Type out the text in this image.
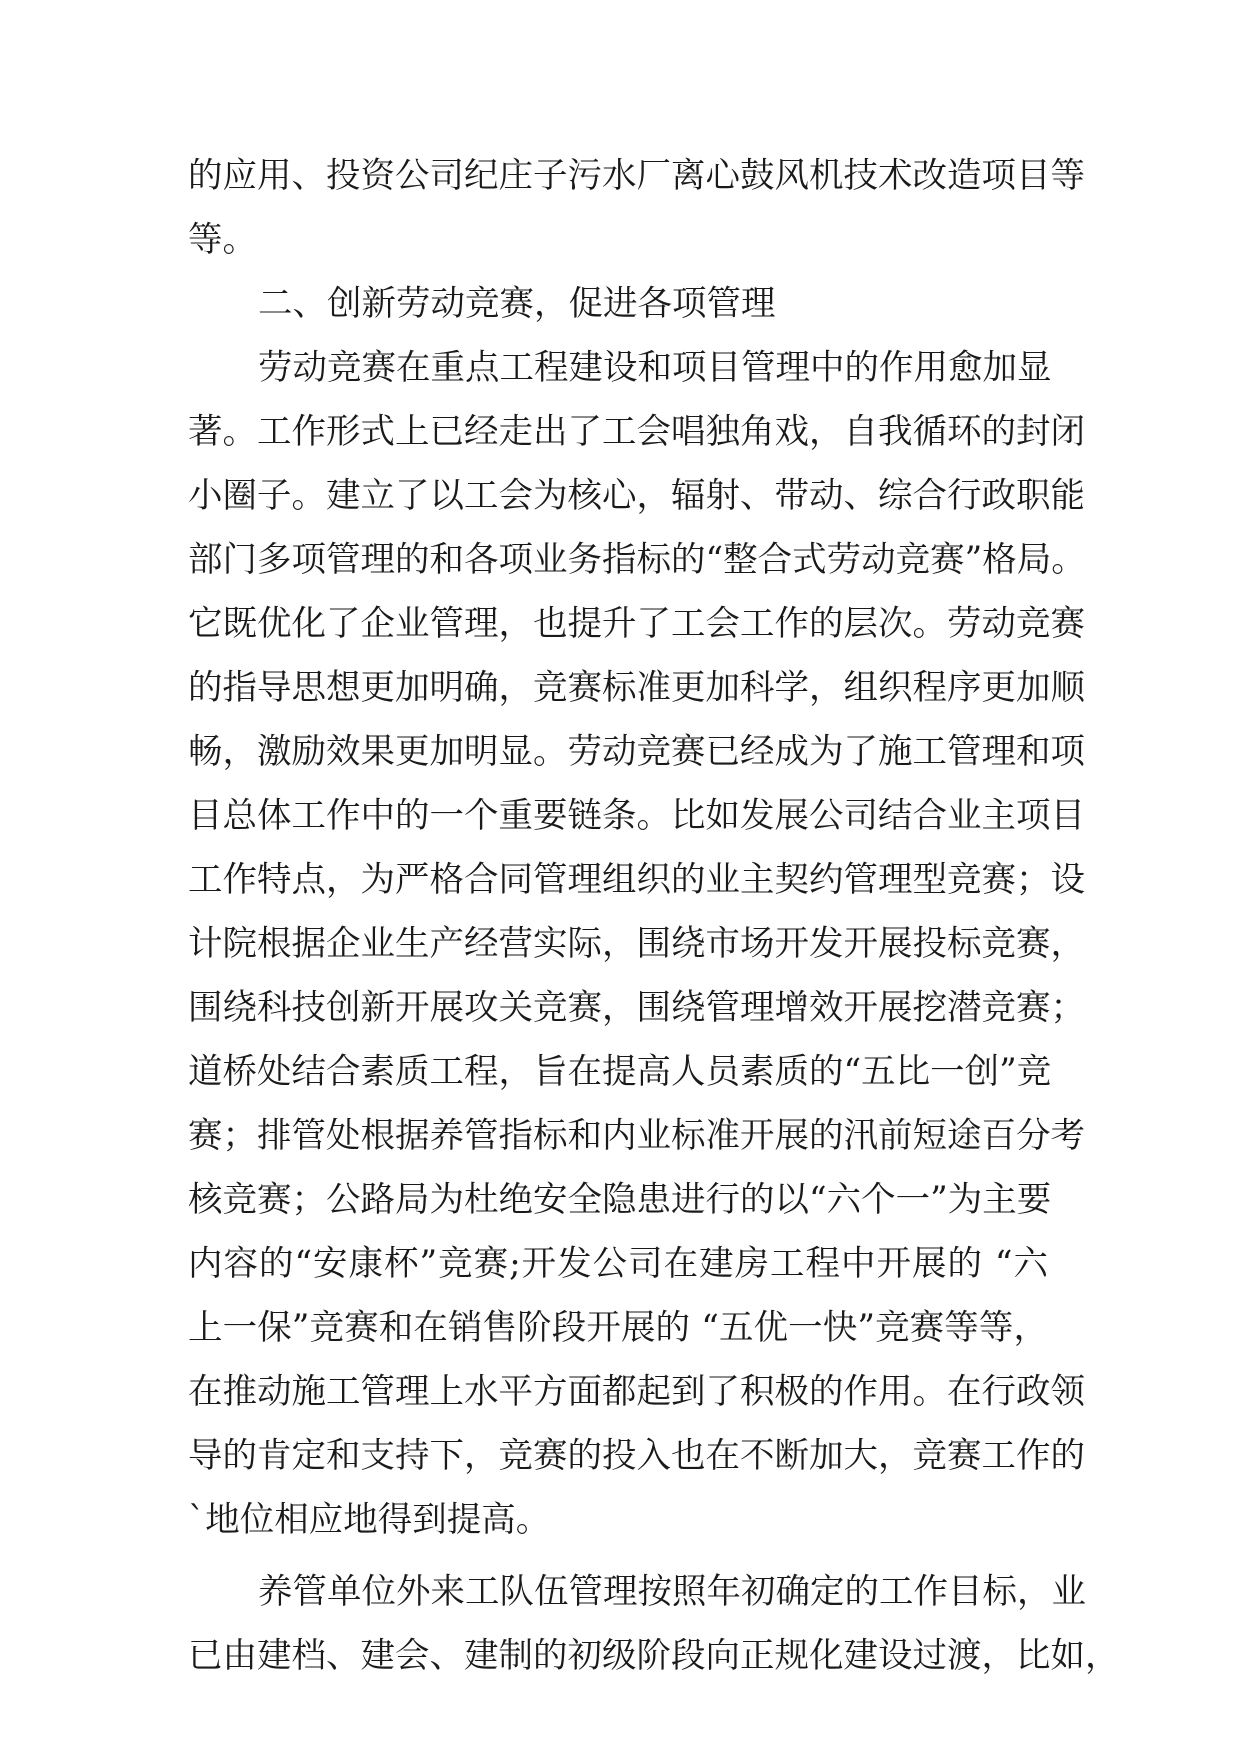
的应用、投资公司纪庄子污水厂离心鼓风机技术改造项目等
等。
二、创新劳动竞赛，促进各项管理
劳动竞赛在重点工程建设和项目管理中的作用愈加显
著。工作形式上已经走出了工会唱独角戏，自我循环的封闭
小圈子。建立了以工会为核心，辐射、带动、综合行政职能
部门多项管理的和各项业务指标的“整合式劳动竞赛”格局。
它既优化了企业管理，也提升了工会工作的层次。劳动竞赛
的指导思想更加明确，竞赛标准更加科学，组织程序更加顺
畅，激励效果更加明显。劳动竞赛已经成为了施工管理和项
目总体工作中的一个重要链条。比如发展公司结合业主项目
工作特点，为严格合同管理组织的业主契约管理型竞赛；设
计院根据企业生产经营实际，围绕市场开发开展投标竞赛，
围绕科技创新开展攻关竞赛，围绕管理增效开展挖潜竞赛；
道桥处结合素质工程，旨在提高人员素质的“五比一创”竞
赛；排管处根据养管指标和内业标准开展的汛前短途百分考
核竞赛；公路局为杜绝安全隐患进行的以“六个一”为主要
内容的“安康杯”竞赛;开发公司在建房工程中开展的 “六
上一保”竞赛和在销售阶段开展的 “五优一快”竞赛等等，
在推动施工管理上水平方面都起到了积极的作用。在行政领
导的肯定和支持下，竞赛的投入也在不断加大，竞赛工作的
`地位相应地得到提高。
养管单位外来工队伍管理按照年初确定的工作目标，业
已由建档、建会、建制的初级阶段向正规化建设过渡，比如，
